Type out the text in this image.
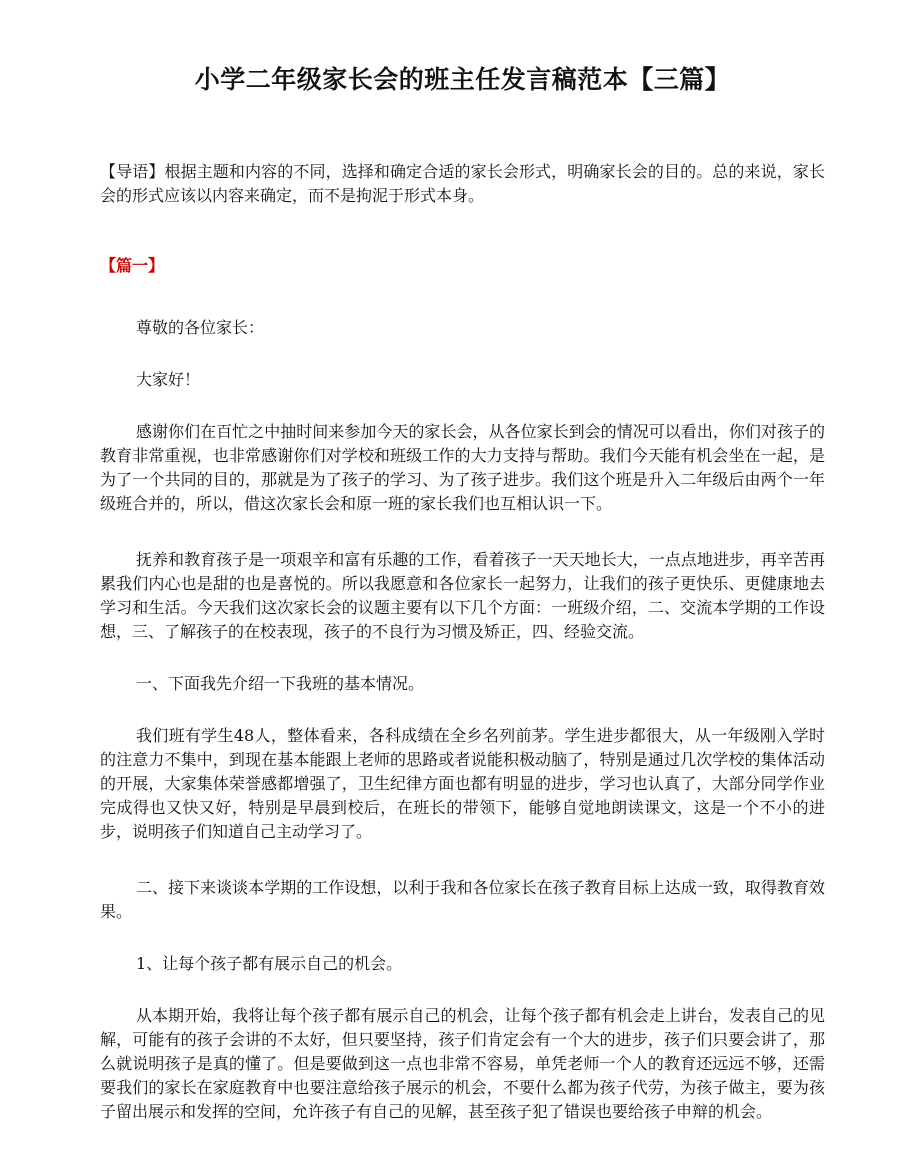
小学二年级家长会的班主任发言稿范本【三篇】

【导语】根据主题和内容的不同，选择和确定合适的家长会形式，明确家长会的目的。总的来说，家长会的形式应该以内容来确定，而不是拘泥于形式本身。

【篇一】

尊敬的各位家长：

大家好！

感谢你们在百忙之中抽时间来参加今天的家长会，从各位家长到会的情况可以看出，你们对孩子的教育非常重视，也非常感谢你们对学校和班级工作的大力支持与帮助。我们今天能有机会坐在一起，是为了一个共同的目的，那就是为了孩子的学习、为了孩子进步。我们这个班是升入二年级后由两个一年级班合并的，所以，借这次家长会和原一班的家长我们也互相认识一下。

抚养和教育孩子是一项艰辛和富有乐趣的工作，看着孩子一天天地长大，一点点地进步，再辛苦再累我们内心也是甜的也是喜悦的。所以我愿意和各位家长一起努力，让我们的孩子更快乐、更健康地去学习和生活。今天我们这次家长会的议题主要有以下几个方面：一班级介绍，二、交流本学期的工作设想，三、了解孩子的在校表现，孩子的不良行为习惯及矫正，四、经验交流。

一、下面我先介绍一下我班的基本情况。

我们班有学生48人，整体看来，各科成绩在全乡名列前茅。学生进步都很大，从一年级刚入学时的注意力不集中，到现在基本能跟上老师的思路或者说能积极动脑了，特别是通过几次学校的集体活动的开展，大家集体荣誉感都增强了，卫生纪律方面也都有明显的进步，学习也认真了，大部分同学作业完成得也又快又好，特别是早晨到校后，在班长的带领下，能够自觉地朗读课文，这是一个不小的进步，说明孩子们知道自己主动学习了。

二、接下来谈谈本学期的工作设想，以利于我和各位家长在孩子教育目标上达成一致，取得教育效果。

1、让每个孩子都有展示自己的机会。

从本期开始，我将让每个孩子都有展示自己的机会，让每个孩子都有机会走上讲台，发表自己的见解，可能有的孩子会讲的不太好，但只要坚持，孩子们肯定会有一个大的进步，孩子们只要会讲了，那么就说明孩子是真的懂了。但是要做到这一点也非常不容易，单凭老师一个人的教育还远远不够，还需要我们的家长在家庭教育中也要注意给孩子展示的机会，不要什么都为孩子代劳，为孩子做主，要为孩子留出展示和发挥的空间，允许孩子有自己的见解，甚至孩子犯了错误也要给孩子申辩的机会。
